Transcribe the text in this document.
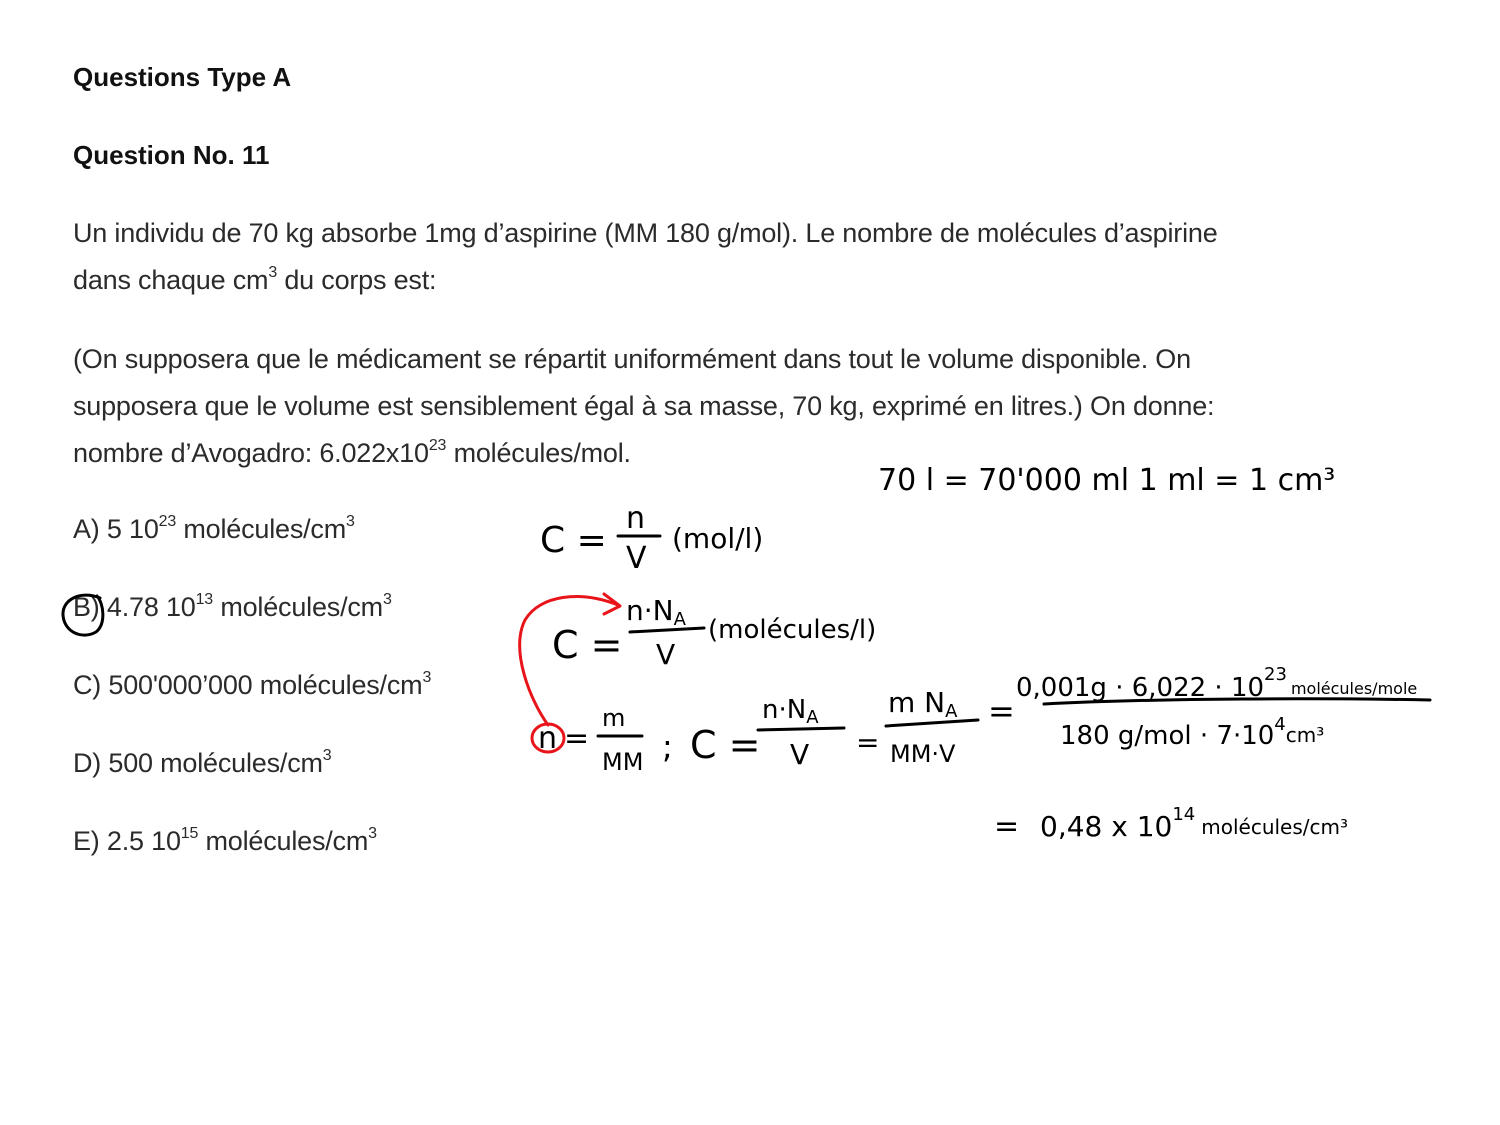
Questions Type A
Question No. 11
Un individu de 70 kg absorbe 1mg d’aspirine (MM 180 g/mol). Le nombre de molécules d’aspirine
dans chaque $cm^3$ du corps est:
(On supposera que le médicament se répartit uniformément dans tout le volume disponible. On
supposera que le volume est sensiblement égal à sa masse, 70 kg, exprimé en litres.) On donne:
nombre d’Avogadro: $6.022x10^{23}$ molécules/mol.
A) 5 $10^{23}$ molécules/$cm^3$
B) 4.78 $10^{13}$ molécules/$cm^3$
C) 500'000’000 molécules/$cm^3$
D) 500 molécules/$cm^3$
E) 2.5 $10^{15}$ molécules/$cm^3$
70 l = 70'000 ml 1 ml = 1 cm³
C =
n
V
(mol/l)
C =
n·NA
V
(molécules/l)
n =
m
MM ; C =
n·NA
V =
m NA
MM·V
=
$0,001g \cdot 6,022 \cdot 10^{23}_{molécules/mole}$
180 $g/mol \cdot 7\cdot 10^4_{cm^3}$
= 0,48 x $10^{14}_{molécules/cm^3}$
